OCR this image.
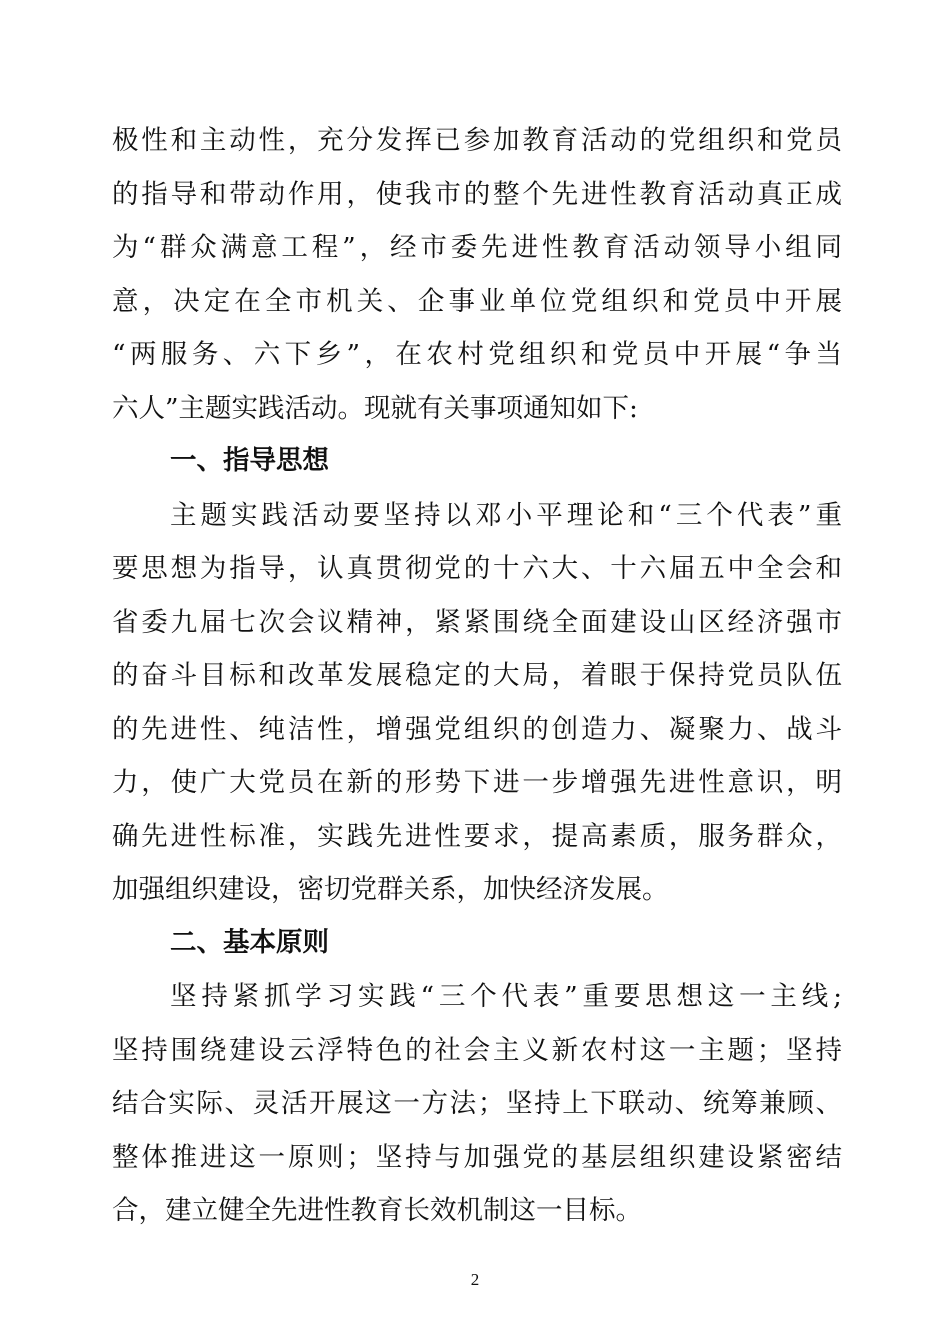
极性和主动性，充分发挥已参加教育活动的党组织和党员
的指导和带动作用，使我市的整个先进性教育活动真正成
为“群众满意工程”，经市委先进性教育活动领导小组同
意，决定在全市机关、企事业单位党组织和党员中开展
“两服务、六下乡”，在农村党组织和党员中开展“争当
六人”主题实践活动。现就有关事项通知如下:
一、指导思想
主题实践活动要坚持以邓小平理论和“三个代表”重
要思想为指导，认真贯彻党的十六大、十六届五中全会和
省委九届七次会议精神，紧紧围绕全面建设山区经济强市
的奋斗目标和改革发展稳定的大局，着眼于保持党员队伍
的先进性、纯洁性，增强党组织的创造力、凝聚力、战斗
力，使广大党员在新的形势下进一步增强先进性意识，明
确先进性标准，实践先进性要求，提高素质，服务群众，
加强组织建设，密切党群关系，加快经济发展。
二、基本原则
坚持紧抓学习实践“三个代表”重要思想这一主线;
坚持围绕建设云浮特色的社会主义新农村这一主题；坚持
结合实际、灵活开展这一方法；坚持上下联动、统筹兼顾、
整体推进这一原则；坚持与加强党的基层组织建设紧密结
合，建立健全先进性教育长效机制这一目标。
2
